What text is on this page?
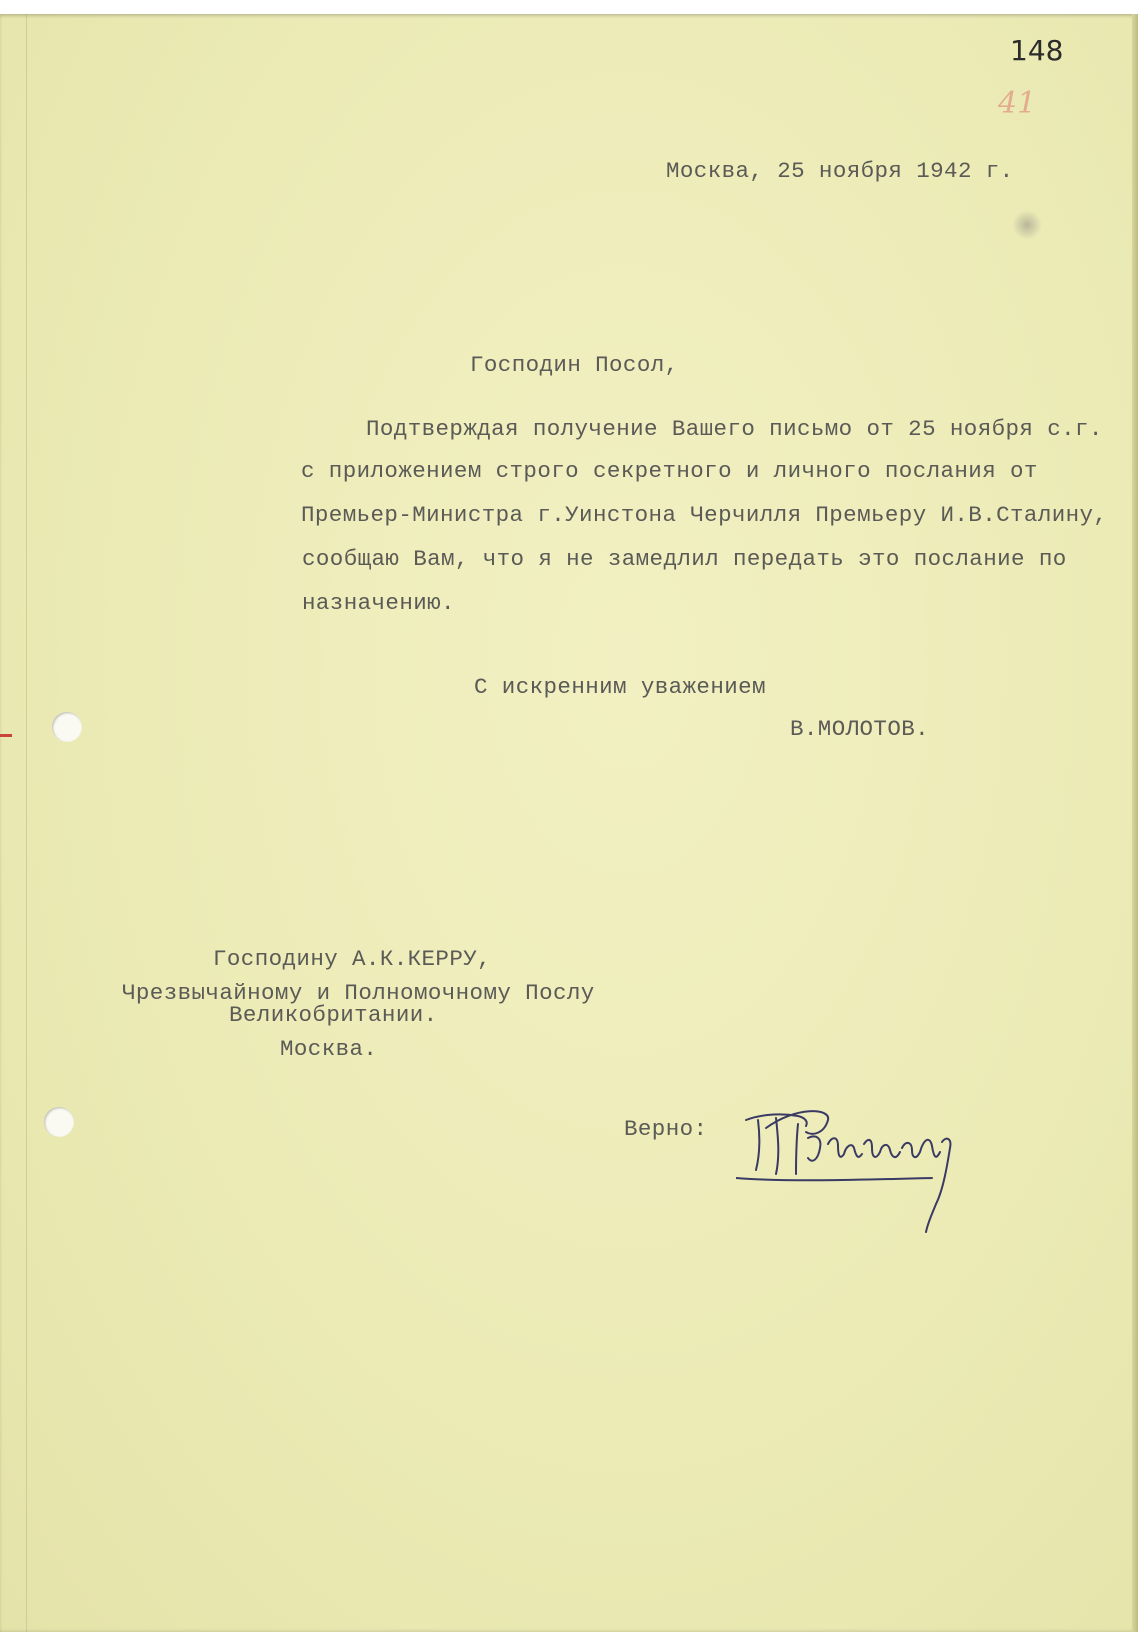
148
41
Москва, 25 ноября 1942 г.
Господин Посол,
Подтверждая получение Вашего письмо от 25 ноября с.г.
с приложением строго секретного и личного послания от
Премьер-Министра г.Уинстона Черчилля Премьеру И.В.Сталину,
сообщаю Вам, что я не замедлил передать это послание по
назначению.
С искренним уважением
В.МОЛОТОВ.
Господину А.К.КЕРРУ,
Чрезвычайному и Полномочному Послу
Великобритании.
Москва.
Верно:
